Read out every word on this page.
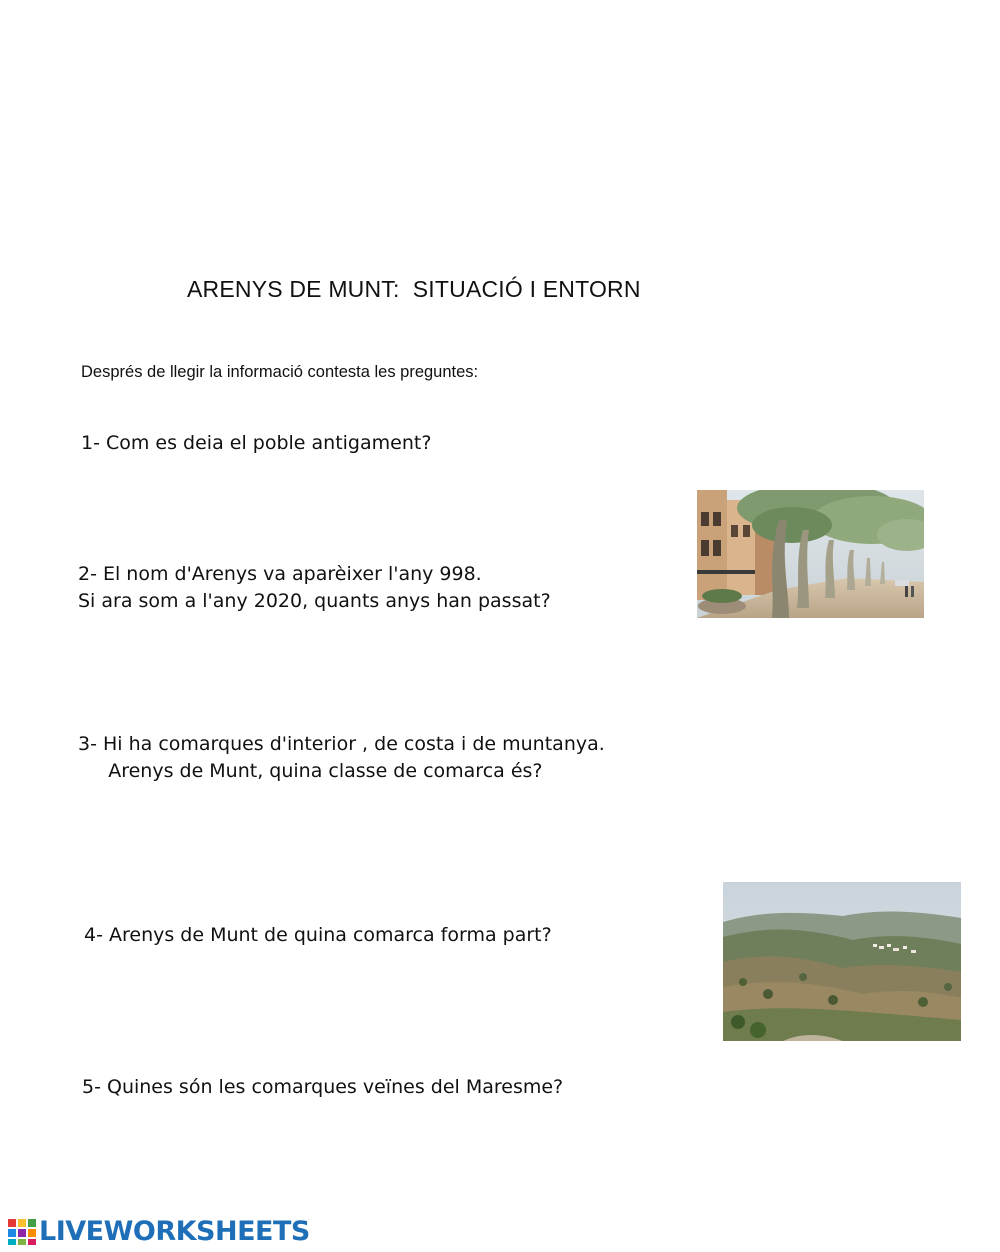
ARENYS DE MUNT:  SITUACIÓ I ENTORN
Després de llegir la informació contesta les preguntes:
1- Com es deia el poble antigament?
2- El nom d'Arenys va aparèixer l'any 998.
Si ara som a l'any 2020, quants anys han passat?
3- Hi ha comarques d'interior , de costa i de muntanya.
Arenys de Munt, quina classe de comarca és?
4- Arenys de Munt de quina comarca forma part?
5- Quines són les comarques veïnes del Maresme?
LIVEWORKSHEETS
